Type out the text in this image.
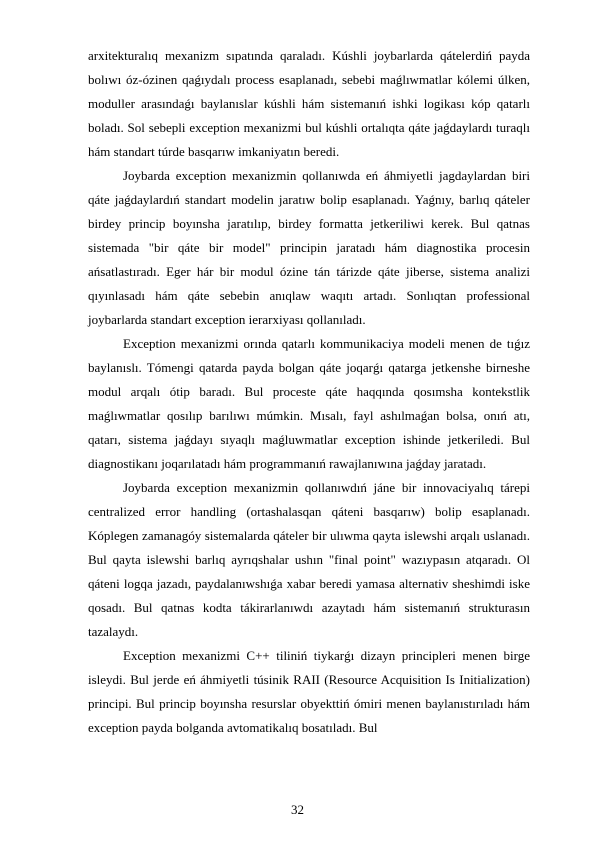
arxitekturalıq mexanizm sıpatında qaraladı. Kúshli joybarlarda qátelerdiń payda bolıwı óz-ózinen qaǵıydalı process esaplanadı, sebebi maǵlıwmatlar kólemi úlken, moduller arasındaǵı baylanıslar kúshli hám sistemanıń ishki logikası kóp qatarlı boladı. Sol sebepli exception mexanizmi bul kúshli ortalıqta qáte jaǵdaylardı turaqlı hám standart túrde basqarıw imkaniyatın beredi.

Joybarda exception mexanizmin qollanıwda eń áhmiyetli jagdaylardan biri qáte jaǵdaylardıń standart modelin jaratıw bolip esaplanadı. Yaǵnıy, barlıq qáteler birdey princip boyınsha jaratılıp, birdey formatta jetkeriliwi kerek. Bul qatnas sistemada "bir qáte bir model" principin jaratadı hám diagnostika procesin ańsatlastıradı. Eger hár bir modul ózine tán tárizde qáte jiberse, sistema analizi qıyınlasadı hám qáte sebebin anıqlaw waqıtı artadı. Sonlıqtan professional joybarlarda standart exception ierarxiyası qollanıladı.

Exception mexanizmi orında qatarlı kommunikaciya modeli menen de tıǵız baylanıslı. Tómengi qatarda payda bolgan qáte joqarǵı qatarga jetkenshe birneshe modul arqalı ótip baradı. Bul proceste qáte haqqında qosımsha kontekstlik maǵlıwmatlar qosılıp barılıwı múmkin. Mısalı, fayl ashılmaǵan bolsa, onıń atı, qatarı, sistema jaǵdayı sıyaqlı maǵluwmatlar exception ishinde jetkeriledi. Bul diagnostikanı joqarılatadı hám programmanıń rawajlanıwına jaǵday jaratadı.

Joybarda exception mexanizmin qollanıwdıń jáne bir innovaciyalıq tárepi centralized error handling (ortashalasqan qáteni basqarıw) bolip esaplanadı. Kóplegen zamanagóy sistemalarda qáteler bir ulıwma qayta islewshi arqalı uslanadı. Bul qayta islewshi barlıq ayrıqshalar ushın "final point" wazıypasın atqaradı. Ol qáteni logqa jazadı, paydalanıwshıǵa xabar beredi yamasa alternativ sheshimdi iske qosadı. Bul qatnas kodta tákirarlanıwdı azaytadı hám sistemanıń strukturasın tazalaydı.

Exception mexanizmi C++ tiliniń tiykarǵı dizayn principleri menen birge isleydi. Bul jerde eń áhmiyetli túsinik RAII (Resource Acquisition Is Initialization) principi. Bul princip boyınsha resurslar obyekttiń ómiri menen baylanıstırıladı hám exception payda bolganda avtomatikalıq bosatıladı. Bul

32
